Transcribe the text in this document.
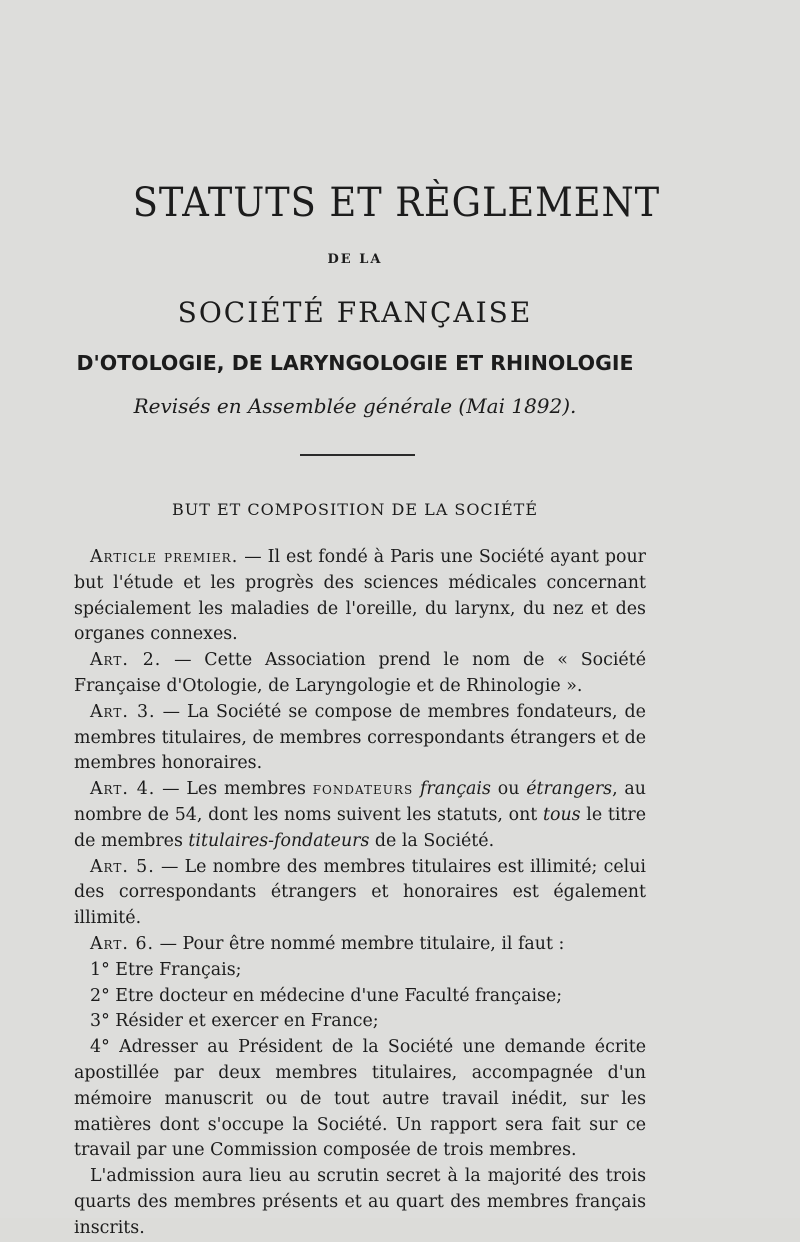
STATUTS ET RÈGLEMENT
DE LA
SOCIÉTÉ FRANÇAISE
D'OTOLOGIE, DE LARYNGOLOGIE ET RHINOLOGIE
Revisés en Assemblée générale (Mai 1892).
BUT ET COMPOSITION DE LA SOCIÉTÉ

Article premier. — Il est fondé à Paris une Société ayant pour but l'étude et les progrès des sciences médicales concernant spécialement les maladies de l'oreille, du larynx, du nez et des organes connexes.

Art. 2. — Cette Association prend le nom de « Société Française d'Otologie, de Laryngologie et de Rhinologie ».

Art. 3. — La Société se compose de membres fondateurs, de membres titulaires, de membres correspondants étrangers et de membres honoraires.

Art. 4. — Les membres fondateurs français ou étrangers, au nombre de 54, dont les noms suivent les statuts, ont tous le titre de membres titulaires-fondateurs de la Société.

Art. 5. — Le nombre des membres titulaires est illimité; celui des correspondants étrangers et honoraires est également illimité.

Art. 6. — Pour être nommé membre titulaire, il faut :

1° Etre Français;

2° Etre docteur en médecine d'une Faculté française;

3° Résider et exercer en France;

4° Adresser au Président de la Société une demande écrite apostillée par deux membres titulaires, accompagnée d'un mémoire manuscrit ou de tout autre travail inédit, sur les matières dont s'occupe la Société. Un rapport sera fait sur ce travail par une Commission composée de trois membres.

L'admission aura lieu au scrutin secret à la majorité des trois quarts des membres présents et au quart des membres français inscrits.
